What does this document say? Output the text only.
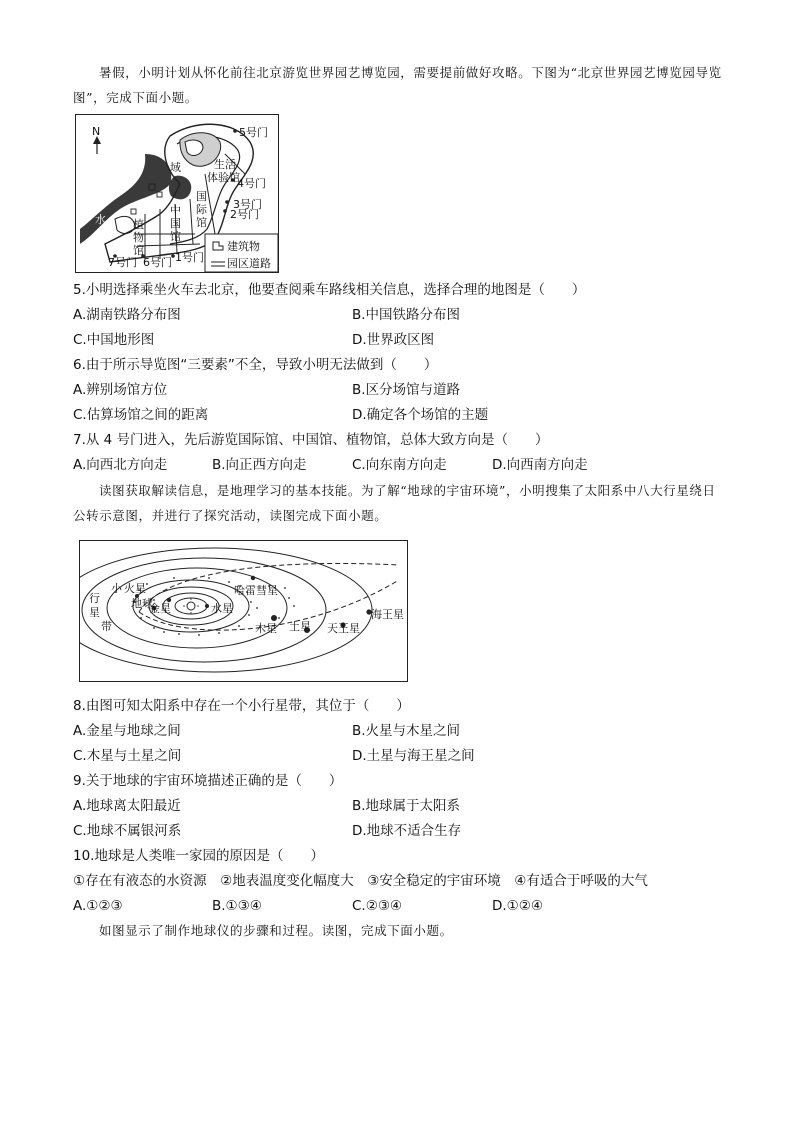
暑假，小明计划从怀化前往北京游览世界园艺博览园，需要提前做好攻略。下图为“北京世界园艺博览园导览图”，完成下面小题。
N	5号门
生活
体验馆
4号门
3号门
2号门
1号门
6号门
7号门
域
水
中
国
馆
国
际
馆
植
物
馆	建筑物
园区道路
5.小明选择乘坐火车去北京，他要查阅乘车路线相关信息，选择合理的地图是（　　）
A.湖南铁路分布图	B.中国铁路分布图
C.中国地形图	D.世界政区图
6.由于所示导览图“三要素”不全，导致小明无法做到（　　）
A.辨别场馆方位	B.区分场馆与道路
C.估算场馆之间的距离	D.确定各个场馆的主题
7.从 4 号门进入，先后游览国际馆、中国馆、植物馆，总体大致方向是（　　）
A.向西北方向走	B.向正西方向走	C.向东南方向走	D.向西南方向走
读图获取解读信息，是地理学习的基本技能。为了解“地球的宇宙环境”，小明搜集了太阳系中八大行星绕日公转示意图，并进行了探究活动，读图完成下面小题。
小 火星
行
星
带
地球
金星	水星
哈雷彗星
木星 土星 天王星
海王星
8.由图可知太阳系中存在一个小行星带，其位于（　　）
A.金星与地球之间	B.火星与木星之间
C.木星与土星之间	D.土星与海王星之间
9.关于地球的宇宙环境描述正确的是（　　）
A.地球离太阳最近	B.地球属于太阳系
C.地球不属银河系	D.地球不适合生存
10.地球是人类唯一家园的原因是（　　）
①存在有液态的水资源　②地表温度变化幅度大　③安全稳定的宇宙环境　④有适合于呼吸的大气
A.①②③	B.①③④	C.②③④	D.①②④
如图显示了制作地球仪的步骤和过程。读图，完成下面小题。
